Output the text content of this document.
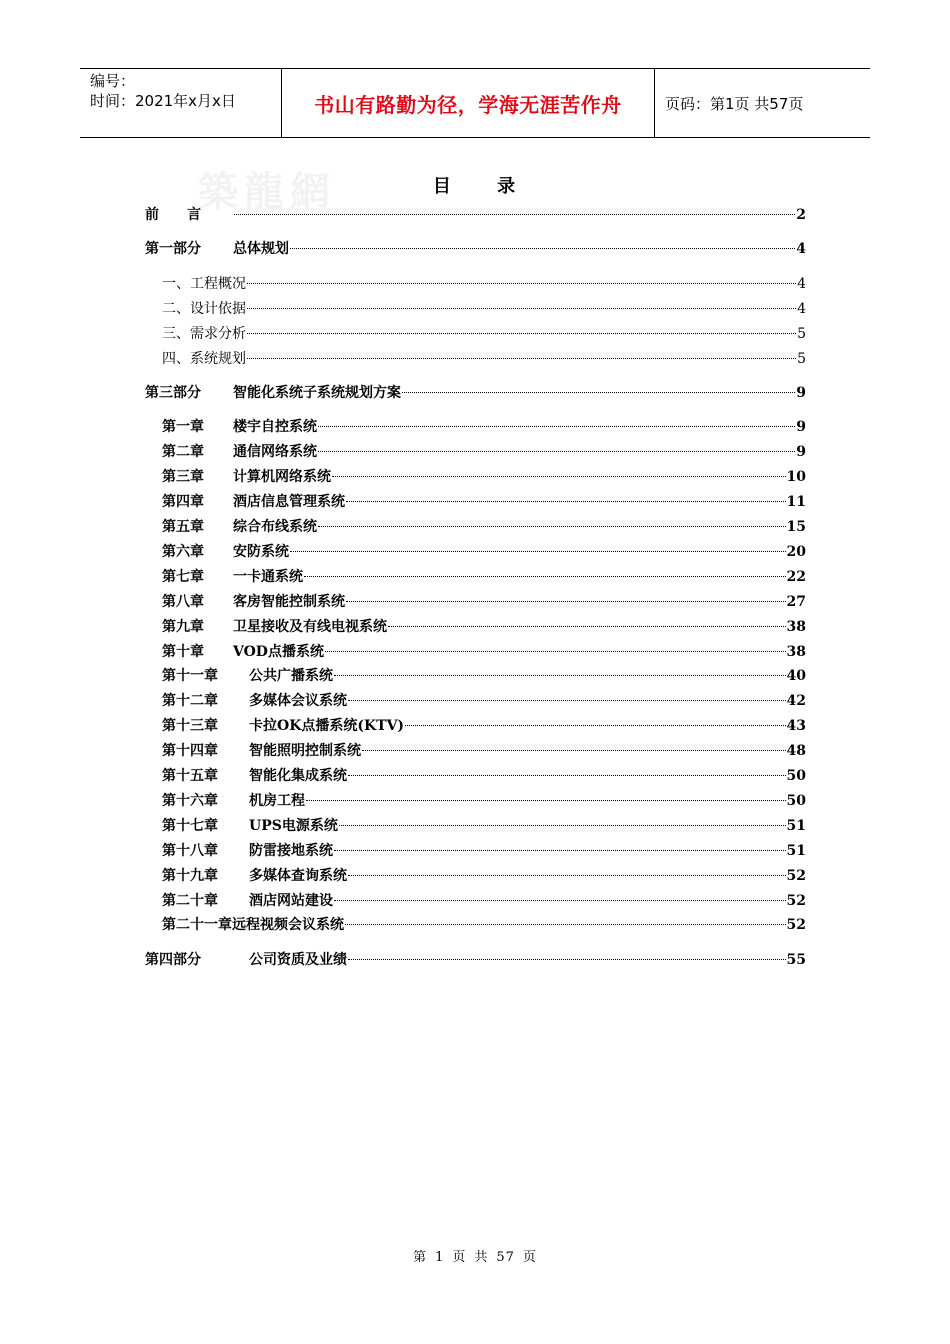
编号：
时间：2021年x月x日	书山有路勤为径，学海无涯苦作舟	页码：第1页 共57页
築龍網	目 录
前　　言	2
第一部分	总体规划	4
一、工程概况	4
二、设计依据	4
三、需求分析	5
四、系统规划	5
第三部分	智能化系统子系统规划方案	9
第一章	楼宇自控系统	9
第二章	通信网络系统	9
第三章	计算机网络系统	10
第四章	酒店信息管理系统	11
第五章	综合布线系统	15
第六章	安防系统	20
第七章	一卡通系统	22
第八章	客房智能控制系统	27
第九章	卫星接收及有线电视系统	38
第十章	VOD点播系统	38
第十一章	公共广播系统	40
第十二章	多媒体会议系统	42
第十三章	卡拉OK点播系统(KTV)	43
第十四章	智能照明控制系统	48
第十五章	智能化集成系统	50
第十六章	机房工程	50
第十七章	UPS电源系统	51
第十八章	防雷接地系统	51
第十九章	多媒体查询系统	52
第二十章	酒店网站建设	52
第二十一章 远程视频会议系统	52
第四部分	公司资质及业绩	55
第 1 页 共 57 页
